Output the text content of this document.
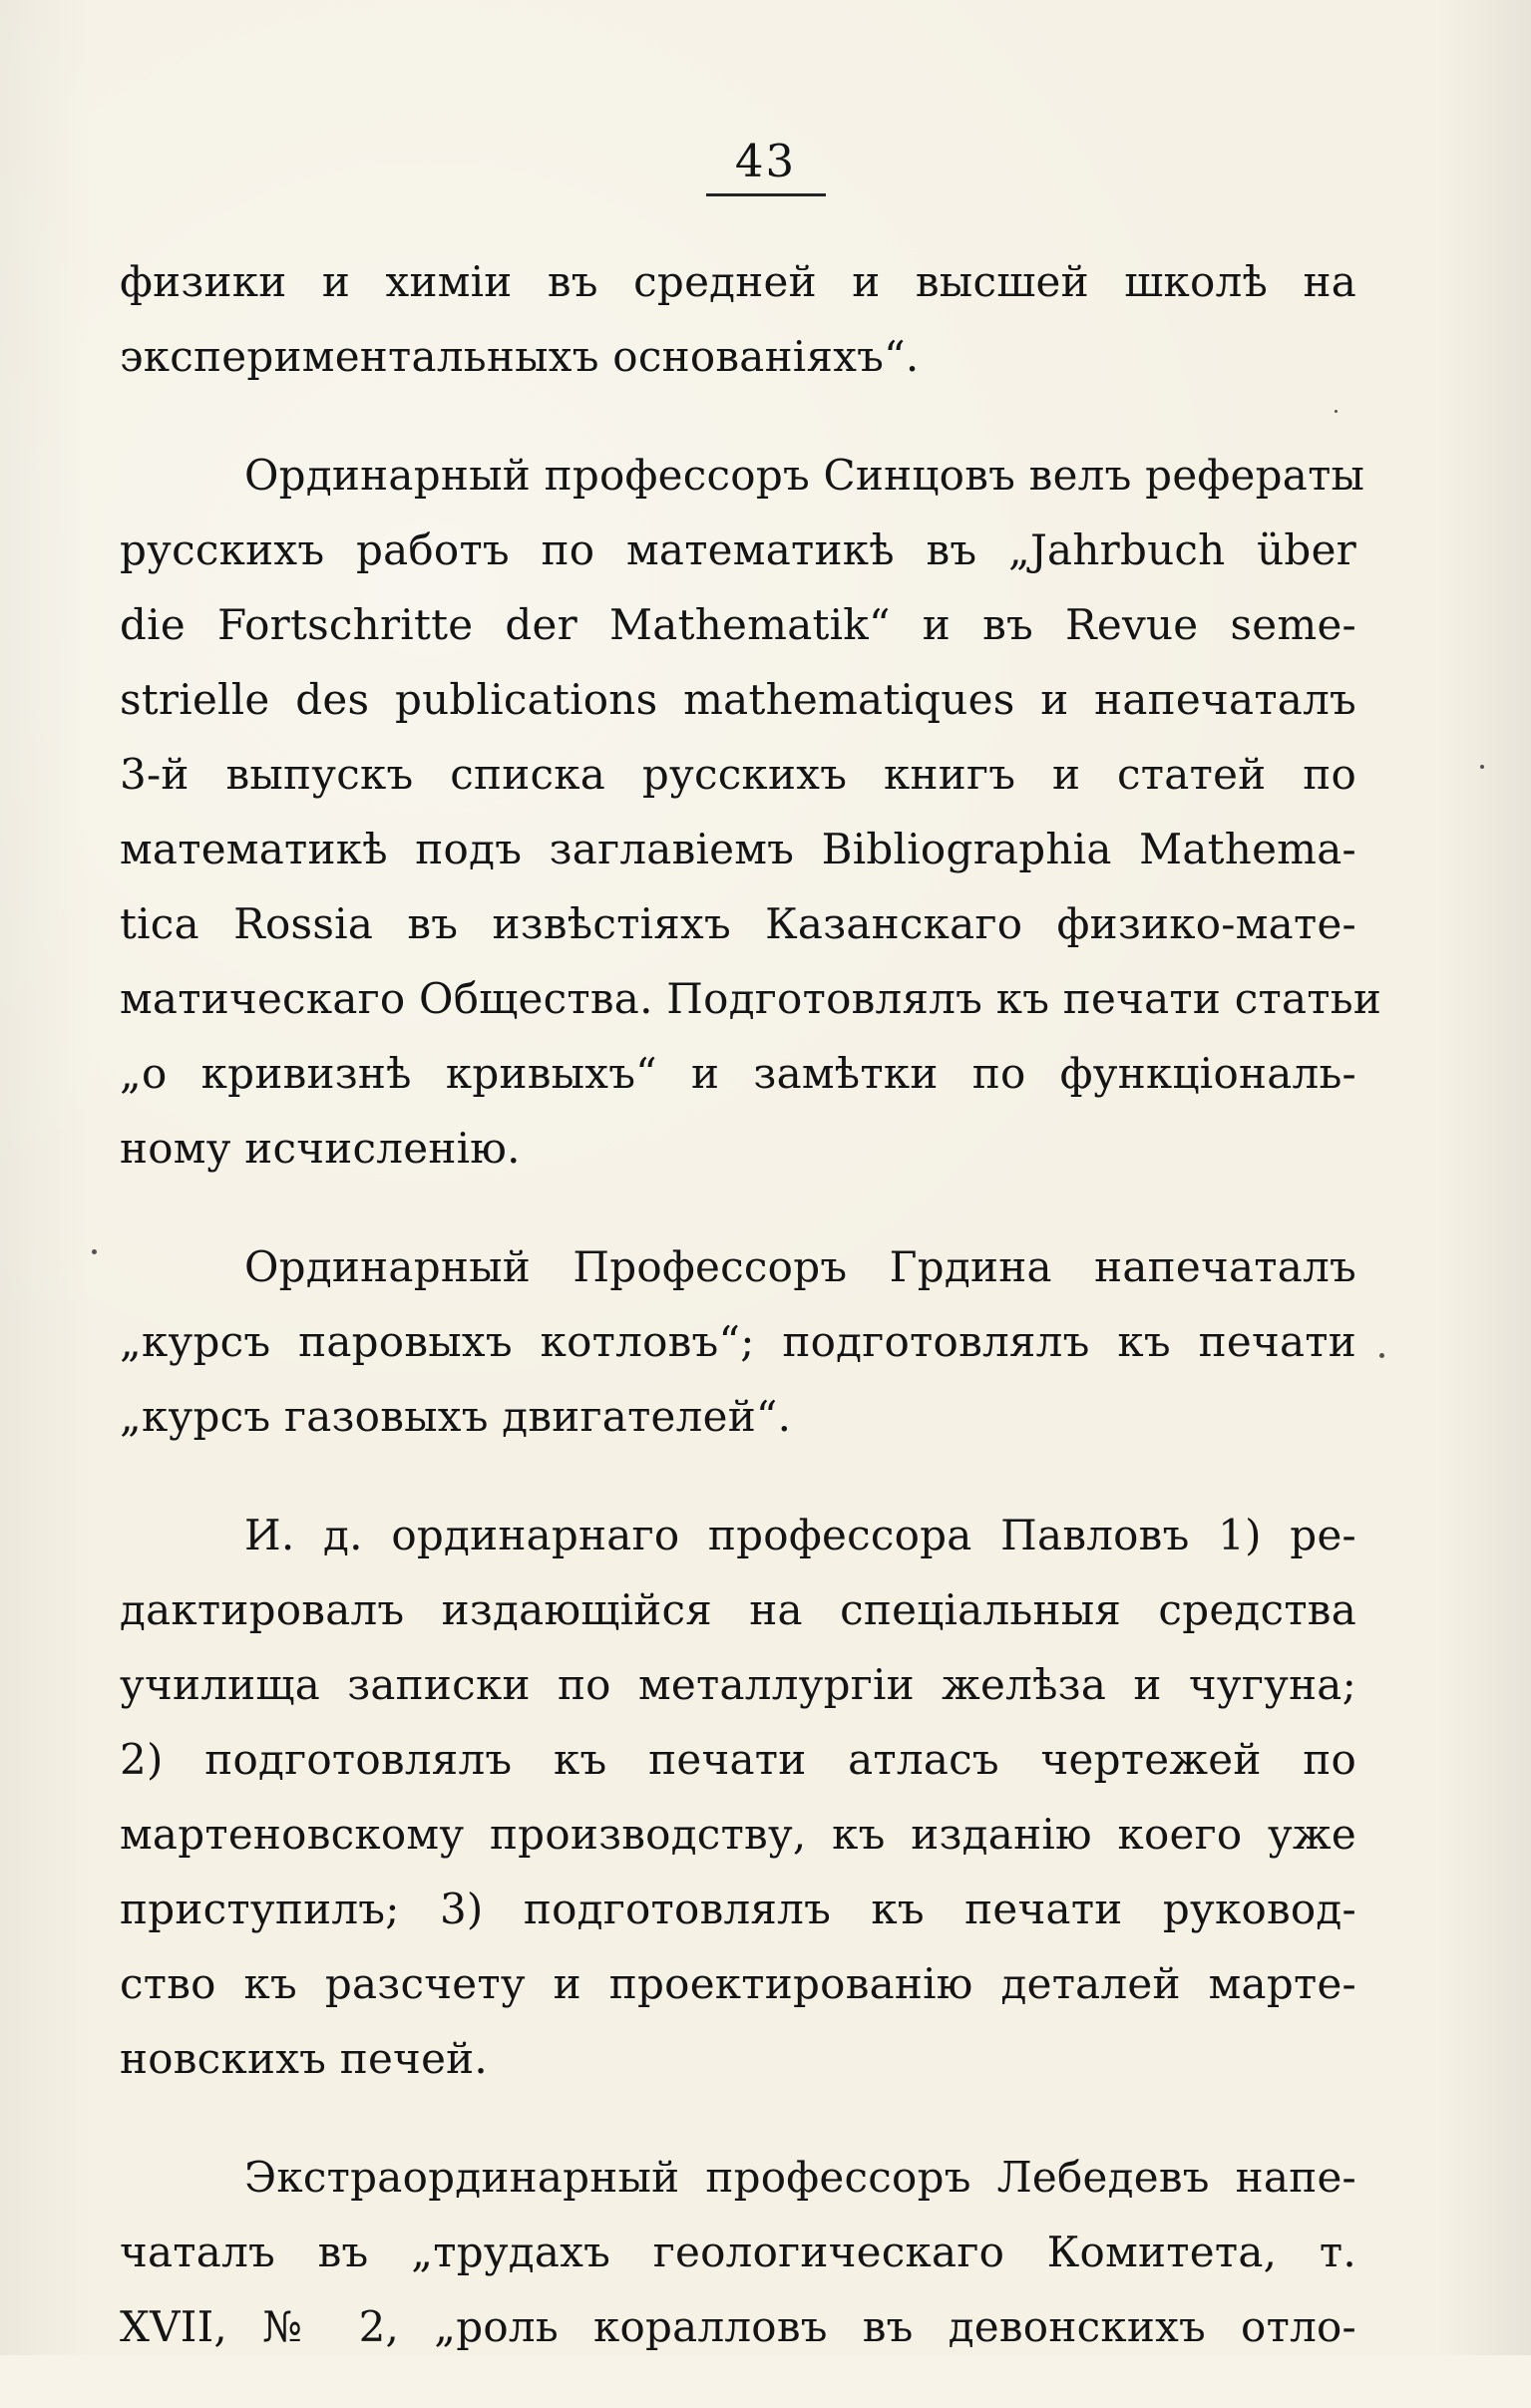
43
физики и химіи въ средней и высшей школѣ на
экспериментальныхъ основаніяхъ“.
Ординарный профессоръ Синцовъ велъ рефераты
русскихъ работъ по математикѣ въ „Jahrbuch über
die Fortschritte der Mathematik“ и въ Revue seme-
strielle des publications mathematiques и напечаталъ
3-й выпускъ списка русскихъ книгъ и статей по
математикѣ подъ заглавіемъ Bibliographia Mathema-
tica Rossia въ извѣстіяхъ Казанскаго физико-мате-
матическаго Общества. Подготовлялъ къ печати статьи
„о кривизнѣ кривыхъ“ и замѣтки по функціональ-
ному исчисленію.
Ординарный Профессоръ Грдина напечаталъ
„курсъ паровыхъ котловъ“; подготовлялъ къ печати
„курсъ газовыхъ двигателей“.
И. д. ординарнаго профессора Павловъ 1) ре-
дактировалъ издающійся на спеціальныя средства
училища записки по металлургіи желѣза и чугуна;
2) подготовлялъ къ печати атласъ чертежей по
мартеновскому производству, къ изданію коего уже
приступилъ; 3) подготовлялъ къ печати руковод-
ство къ разсчету и проектированію деталей марте-
новскихъ печей.
Экстраординарный профессоръ Лебедевъ напе-
чаталъ въ „трудахъ геологическаго Комитета, т.
XVII, № 2, „роль коралловъ въ девонскихъ отло-
